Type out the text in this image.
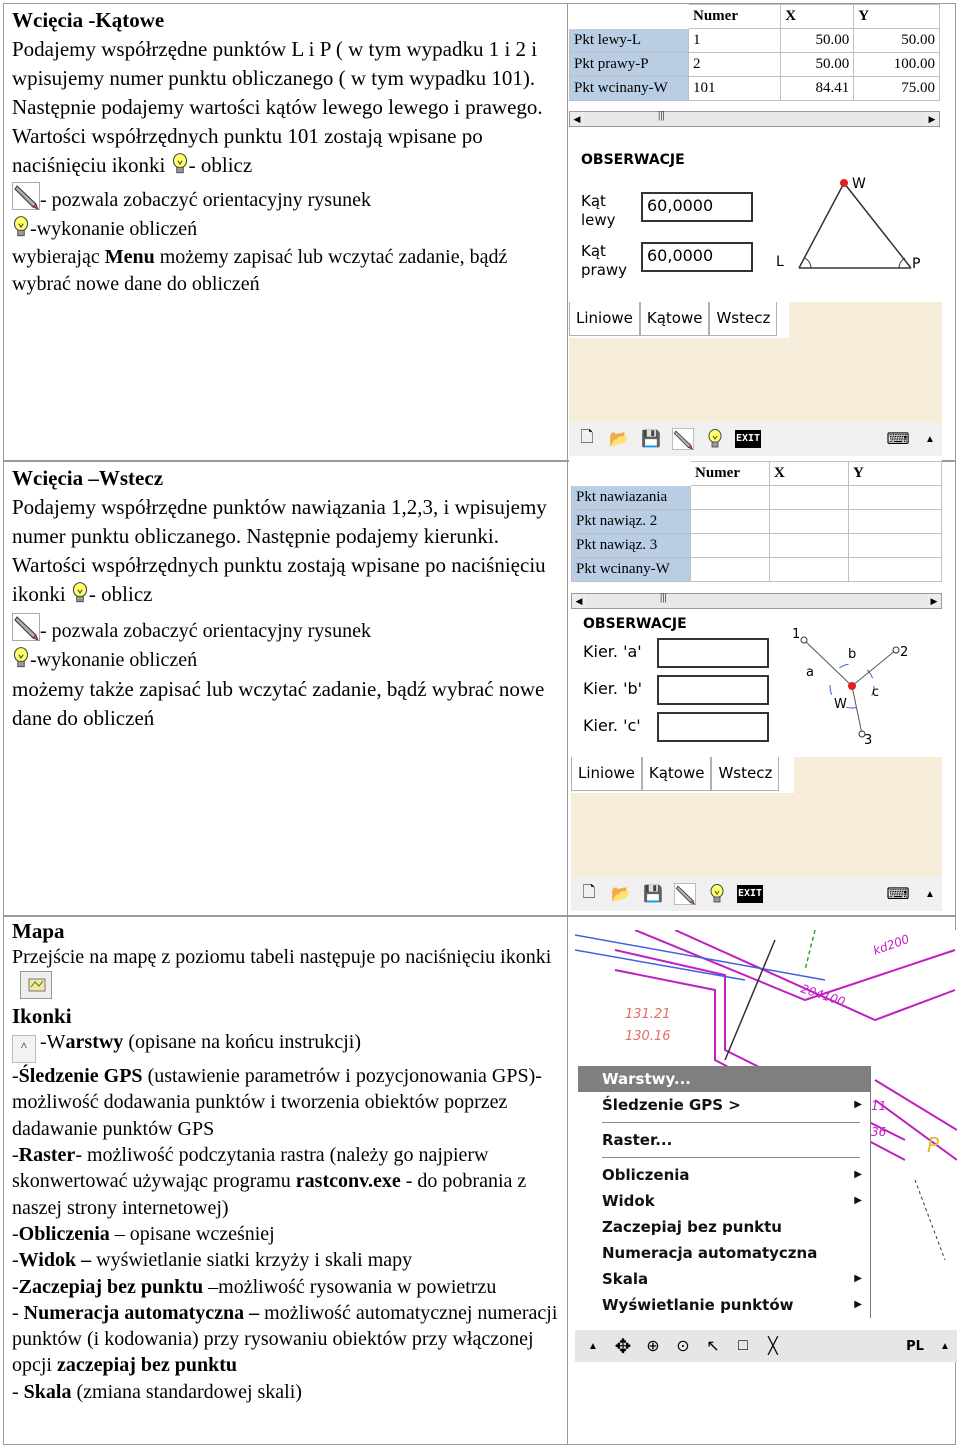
Wcięcia -Kątowe

Podajemy współrzędne punktów L i P ( w tym wypadku 1 i 2 i wpisujemy numer punktu obliczanego ( w tym wypadku 101). Następnie podajemy wartości kątów lewego lewego i prawego. Wartości współrzędnych punktu 101 zostają wpisane po naciśnięciu ikonki - oblicz

- pozwala zobaczyć orientacyjny rysunek

-wykonanie obliczeń

wybierając Menu możemy zapisać lub wczytać zadanie, bądź wybrać nowe dane do obliczeń

	Numer	X	Y
Pkt lewy-L	1	50.00	50.00
Pkt prawy-P	2	50.00	100.00
Pkt wcinany-W	101	84.41	75.00
◀	|||	▶
OBSERWACJE
Kąt
lewy
60,0000
Kąt
prawy
60,0000
W
L	P
Liniowe Kątowe Wstecz
🗋 📂 💾	EXIT	⌨	▲

Wcięcia –Wstecz

Podajemy współrzędne punktów nawiązania 1,2,3, i wpisujemy numer punktu obliczanego. Następnie podajemy kierunki. Wartości współrzędnych punktu zostają wpisane po naciśnięciu ikonki - oblicz

- pozwala zobaczyć orientacyjny rysunek

-wykonanie obliczeń

możemy także zapisać lub wczytać zadanie, bądź wybrać nowe dane do obliczeń

	Numer	X	Y
Pkt nawiazania			
Pkt nawiąz. 2			
Pkt nawiąz. 3			
Pkt wcinany-W			
◀	|||	▶
OBSERWACJE
Kier. 'a'
Kier. 'b'
Kier. 'c'
1
2
3
a
b
c
W
Liniowe Kątowe Wstecz
🗋 📂 💾	EXIT	⌨	▲

Mapa

Przejście na mapę z poziomu tabeli następuje po naciśnięciu ikonki

Ikonki

^ -Warstwy (opisane na końcu instrukcji)

-Śledzenie GPS (ustawienie parametrów i pozycjonowania GPS)- możliwość dodawania punktów i tworzenia obiektów poprzez dadawanie punktów GPS

-Raster- możliwość podczytania rastra (należy go najpierw skonwertować używając programu rastconv.exe - do pobrania z naszej strony internetowej)

-Obliczenia – opisane wcześniej

-Widok – wyświetlanie siatki krzyży i skali mapy

-Zaczepiaj bez punktu –możliwość rysowania w powietrzu

- Numeracja automatyczna – możliwość automatycznej numeracji punktów (i kodowania) przy rysowaniu obiektów przy włączonej opcji zaczepiaj bez punktu

- Skala (zmiana standardowej skali)

131.21
130.16
204100
kd200
11
36
P
Warstwy...
Śledzenie GPS >	▶
Raster...
Obliczenia	▶
Widok	▶
Zaczepiaj bez punktu
Numeracja automatyczna
Skala	▶
Wyświetlanie punktów	▶
▲ ✥ ⊕	⊙	↖	□	╳	PL	▲
